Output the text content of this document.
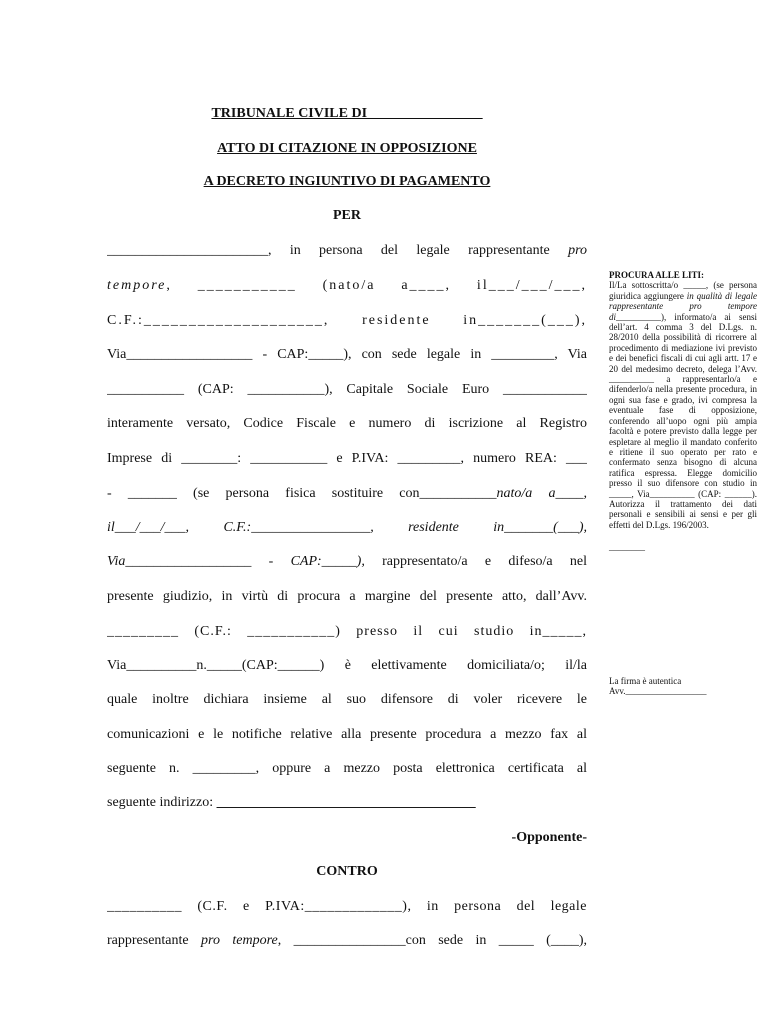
TRIBUNALE CIVILE DI ________________
ATTO DI CITAZIONE IN OPPOSIZIONE
A DECRETO INGIUNTIVO DI PAGAMENTO
PER
_______________________, in persona del legale rappresentante pro
tempore, ___________ (nato/a a____, il___/___/___,
C.F.:____________________, residente in_______(___),
Via__________________ - CAP:_____), con sede legale in _________, Via
___________ (CAP: ___________), Capitale Sociale Euro ____________
interamente versato, Codice Fiscale e numero di iscrizione al Registro
Imprese di ________: ___________ e P.IVA: _________, numero REA: ___
- _______ (se persona fisica sostituire con___________nato/a a____,
il___/___/___, C.F.:_________________, residente in_______(___),
Via__________________ - CAP:_____), rappresentato/a e difeso/a nel
presente giudizio, in virtù di procura a margine del presente atto, dall’Avv.
_________ (C.F.: ___________) presso il cui studio in_____,
Via__________n._____(CAP:______) è elettivamente domiciliata/o; il/la
quale inoltre dichiara insieme al suo difensore di voler ricevere le
comunicazioni e le notifiche relative alla presente procedura a mezzo fax al
seguente n. _________, oppure a mezzo posta elettronica certificata al
seguente indirizzo: _____________________________________
-Opponente-
CONTRO
__________ (C.F. e P.IVA:_____________), in persona del legale
rappresentante pro tempore, ________________con sede in _____ (____),

PROCURA ALLE LITI:

Il/La sottoscritta/o _____, (se persona giuridica aggiungere in qualità di legale rappresentante pro tempore di__________), informato/a ai sensi dell’art. 4 comma 3 del D.Lgs. n. 28/2010 della possibilità di ricorrere al procedimento di mediazione ivi previsto e dei benefici fiscali di cui agli artt. 17 e 20 del medesimo decreto, delega l’Avv. __________ a rappresentarlo/a e difenderlo/a nella presente procedura, in ogni sua fase e grado, ivi compresa la eventuale fase di opposizione, conferendo all’uopo ogni più ampia facoltà e potere previsto dalla legge per espletare al meglio il mandato conferito e ritiene il suo operato per rato e confermato senza bisogno di alcuna ratifica espressa. Elegge domicilio presso il suo difensore con studio in _____, Via__________ (CAP: ______). Autorizza il trattamento dei dati personali e sensibili ai sensi e per gli effetti del D.Lgs. 196/2003.

________

La firma è autentica

Avv.__________________
